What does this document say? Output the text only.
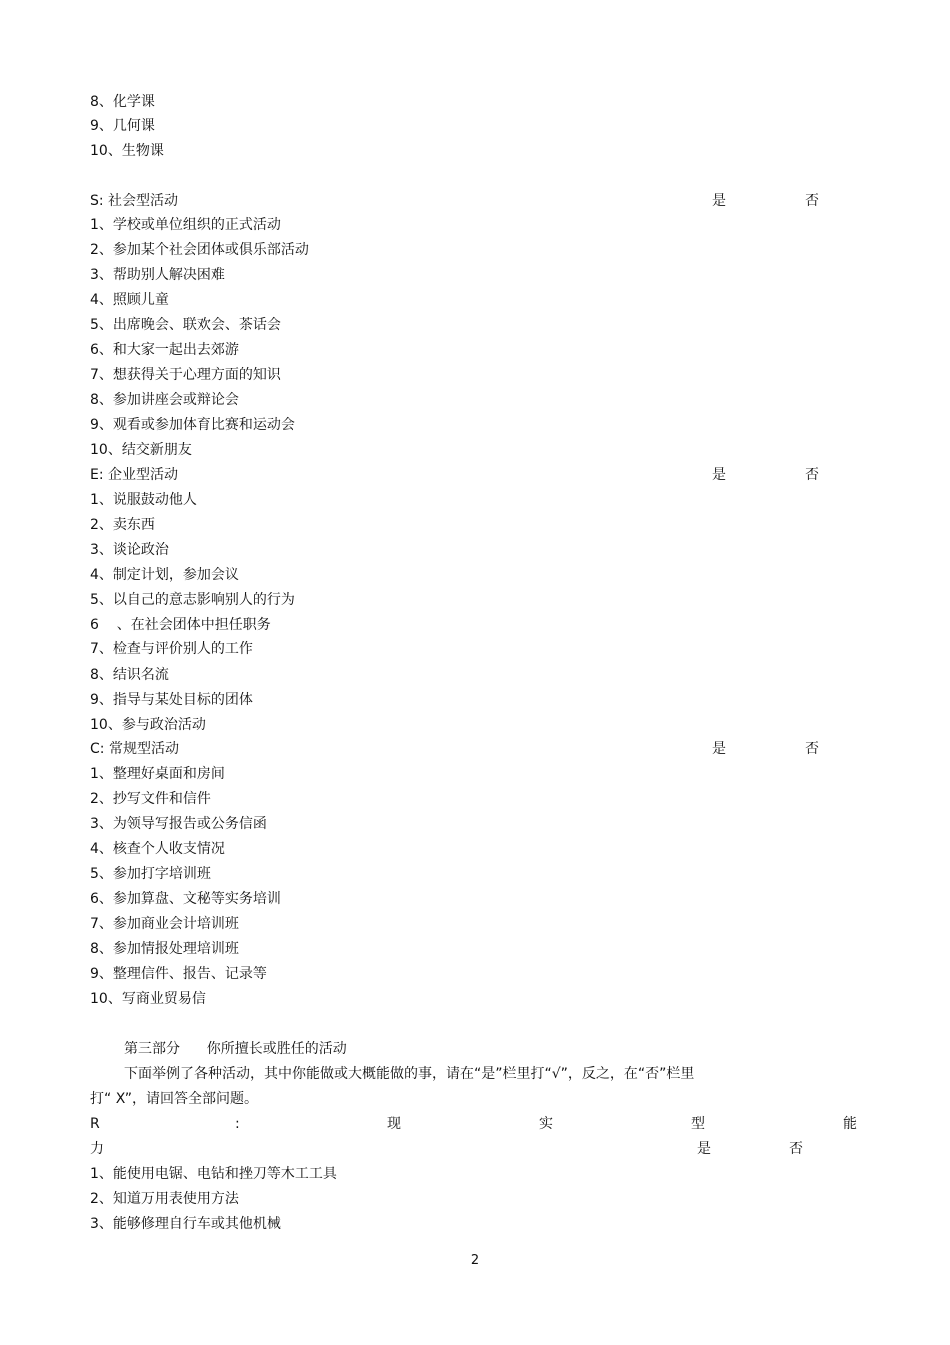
8、化学课
9、几何课
10、生物课
S: 社会型活动	是	否
1、学校或单位组织的正式活动
2、参加某个社会团体或俱乐部活动
3、帮助别人解决困难
4、照顾儿童
5、出席晚会、联欢会、茶话会
6、和大家一起出去郊游
7、想获得关于心理方面的知识
8、参加讲座会或辩论会
9、观看或参加体育比赛和运动会
10、结交新朋友
E: 企业型活动	是	否
1、说服鼓动他人
2、卖东西
3、谈论政治
4、制定计划，参加会议
5、以自己的意志影响别人的行为
6    、在社会团体中担任职务
7、检查与评价别人的工作
8、结识名流
9、指导与某处目标的团体
10、参与政治活动
C: 常规型活动	是	否
1、整理好桌面和房间
2、抄写文件和信件
3、为领导写报告或公务信函
4、核查个人收支情况
5、参加打字培训班
6、参加算盘、文秘等实务培训
7、参加商业会计培训班
8、参加情报处理培训班
9、整理信件、报告、记录等
10、写商业贸易信
第三部分      你所擅长或胜任的活动
下面举例了各种活动，其中你能做或大概能做的事，请在“是”栏里打“√”，反之，在“否”栏里
打“ X”，请回答全部问题。
R	:	现	实	型	能
力	是	否
1、能使用电锯、电钻和挫刀等木工工具
2、知道万用表使用方法
3、能够修理自行车或其他机械
2
